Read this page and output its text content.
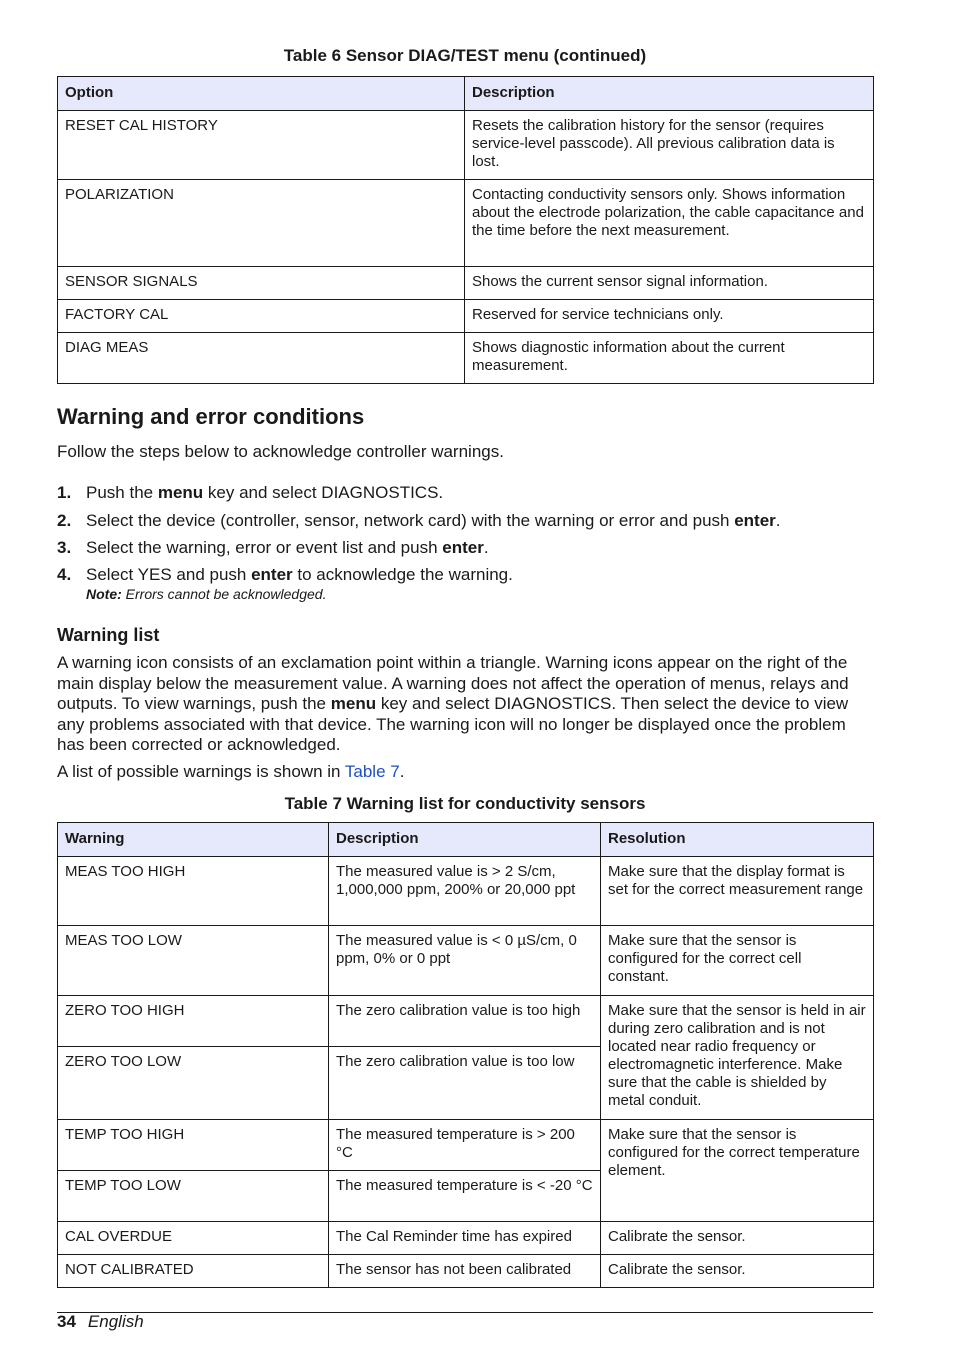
Table 6 Sensor DIAG/TEST menu (continued)
Option	Description
RESET CAL HISTORY	Resets the calibration history for the sensor (requires service-level passcode). All previous calibration data is lost.
POLARIZATION	Contacting conductivity sensors only. Shows information about the electrode polarization, the cable capacitance and the time before the next measurement.
SENSOR SIGNALS	Shows the current sensor signal information.
FACTORY CAL	Reserved for service technicians only.
DIAG MEAS	Shows diagnostic information about the current measurement.
Warning and error conditions

Follow the steps below to acknowledge controller warnings.

1. Push the menu key and select DIAGNOSTICS.
2. Select the device (controller, sensor, network card) with the warning or error and push enter.
3. Select the warning, error or event list and push enter.
4. Select YES and push enter to acknowledge the warning.
Note: Errors cannot be acknowledged.
Warning list

A warning icon consists of an exclamation point within a triangle. Warning icons appear on the right of the main display below the measurement value. A warning does not affect the operation of menus, relays and outputs. To view warnings, push the menu key and select DIAGNOSTICS. Then select the device to view any problems associated with that device. The warning icon will no longer be displayed once the problem has been corrected or acknowledged.

A list of possible warnings is shown in Table 7.

Table 7 Warning list for conductivity sensors
Warning	Description	Resolution
MEAS TOO HIGH	The measured value is > 2 S/cm, 1,000,000 ppm, 200% or 20,000 ppt	Make sure that the display format is set for the correct measurement range
MEAS TOO LOW	The measured value is < 0 µS/cm, 0 ppm, 0% or 0 ppt	Make sure that the sensor is configured for the correct cell constant.
ZERO TOO HIGH	The zero calibration value is too high	Make sure that the sensor is held in air during zero calibration and is not located near radio frequency or electromagnetic interference. Make sure that the cable is shielded by metal conduit.
ZERO TOO LOW	The zero calibration value is too low	
TEMP TOO HIGH	The measured temperature is > 200 °C	Make sure that the sensor is configured for the correct temperature element.
TEMP TOO LOW	The measured temperature is < -20 °C	
CAL OVERDUE	The Cal Reminder time has expired	Calibrate the sensor.
NOT CALIBRATED	The sensor has not been calibrated	Calibrate the sensor.
34 English
